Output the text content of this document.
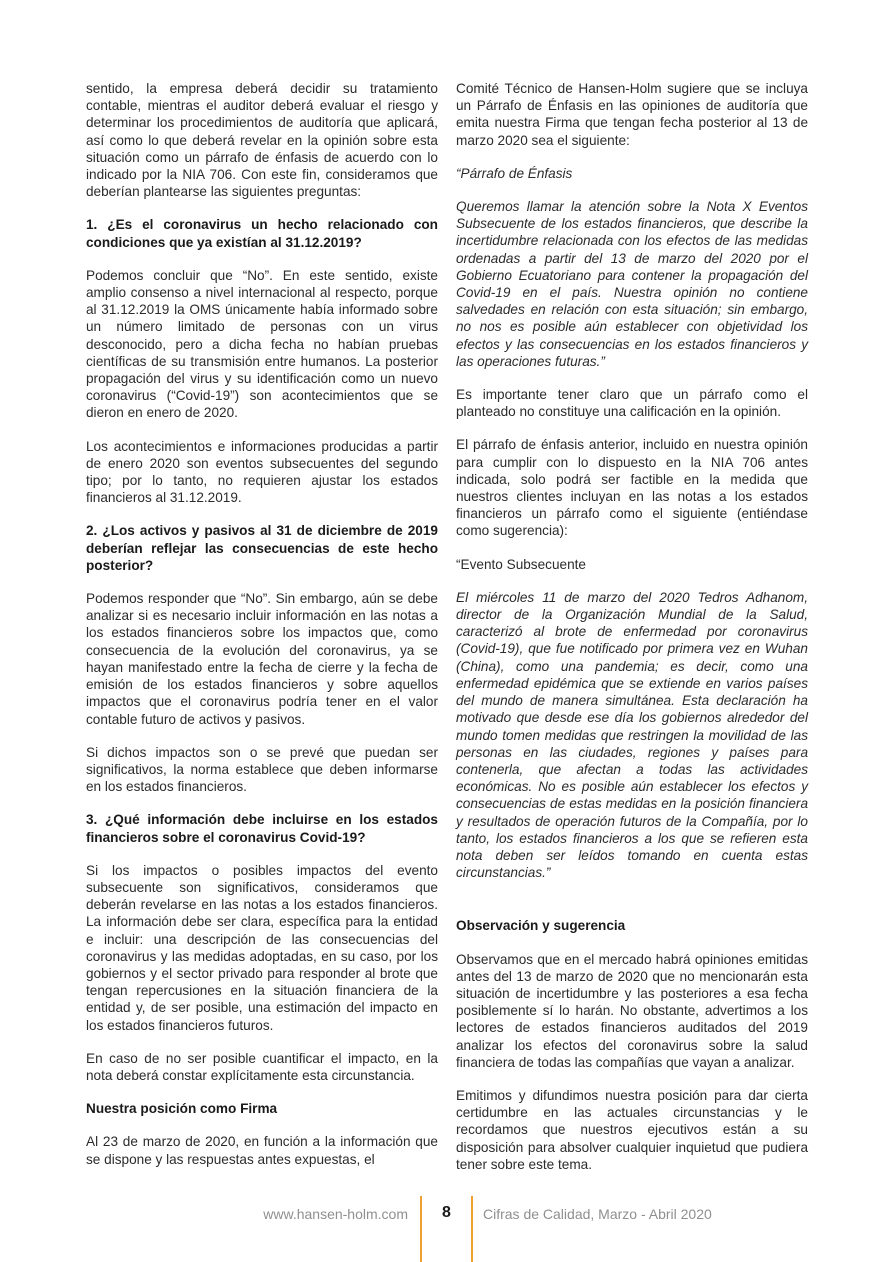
sentido, la empresa deberá decidir su tratamiento contable, mientras el auditor deberá evaluar el riesgo y determinar los procedimientos de auditoría que aplicará, así como lo que deberá revelar en la opinión sobre esta situación como un párrafo de énfasis de acuerdo con lo indicado por la NIA 706. Con este fin, consideramos que deberían plantearse las siguientes preguntas:

1. ¿Es el coronavirus un hecho relacionado con condiciones que ya existían al 31.12.2019?

Podemos concluir que “No”. En este sentido, existe amplio consenso a nivel internacional al respecto, porque al 31.12.2019 la OMS únicamente había informado sobre un número limitado de personas con un virus desconocido, pero a dicha fecha no habían pruebas científicas de su transmisión entre humanos. La posterior propagación del virus y su identificación como un nuevo coronavirus (“Covid-19”) son acontecimientos que se dieron en enero de 2020.

Los acontecimientos e informaciones producidas a partir de enero 2020 son eventos subsecuentes del segundo tipo; por lo tanto, no requieren ajustar los estados financieros al 31.12.2019.

2. ¿Los activos y pasivos al 31 de diciembre de 2019 deberían reflejar las consecuencias de este hecho posterior?

Podemos responder que “No”. Sin embargo, aún se debe analizar si es necesario incluir información en las notas a los estados financieros sobre los impactos que, como consecuencia de la evolución del coronavirus, ya se hayan manifestado entre la fecha de cierre y la fecha de emisión de los estados financieros y sobre aquellos impactos que el coronavirus podría tener en el valor contable futuro de activos y pasivos.

Si dichos impactos son o se prevé que puedan ser significativos, la norma establece que deben informarse en los estados financieros.

3. ¿Qué información debe incluirse en los estados financieros sobre el coronavirus Covid-19?

Si los impactos o posibles impactos del evento subsecuente son significativos, consideramos que deberán revelarse en las notas a los estados financieros. La información debe ser clara, específica para la entidad e incluir: una descripción de las consecuencias del coronavirus y las medidas adoptadas, en su caso, por los gobiernos y el sector privado para responder al brote que tengan repercusiones en la situación financiera de la entidad y, de ser posible, una estimación del impacto en los estados financieros futuros.

En caso de no ser posible cuantificar el impacto, en la nota deberá constar explícitamente esta circunstancia.

Nuestra posición como Firma

Al 23 de marzo de 2020, en función a la información que se dispone y las respuestas antes expuestas, el

Comité Técnico de Hansen-Holm sugiere que se incluya un Párrafo de Énfasis en las opiniones de auditoría que emita nuestra Firma que tengan fecha posterior al 13 de marzo 2020 sea el siguiente:

“Párrafo de Énfasis

Queremos llamar la atención sobre la Nota X Eventos Subsecuente de los estados financieros, que describe la incertidumbre relacionada con los efectos de las medidas ordenadas a partir del 13 de marzo del 2020 por el Gobierno Ecuatoriano para contener la propagación del Covid-19 en el país. Nuestra opinión no contiene salvedades en relación con esta situación; sin embargo, no nos es posible aún establecer con objetividad los efectos y las consecuencias en los estados financieros y las operaciones futuras.”

Es importante tener claro que un párrafo como el planteado no constituye una calificación en la opinión.

El párrafo de énfasis anterior, incluido en nuestra opinión para cumplir con lo dispuesto en la NIA 706 antes indicada, solo podrá ser factible en la medida que nuestros clientes incluyan en las notas a los estados financieros un párrafo como el siguiente (entiéndase como sugerencia):

“Evento Subsecuente

El miércoles 11 de marzo del 2020 Tedros Adhanom, director de la Organización Mundial de la Salud, caracterizó al brote de enfermedad por coronavirus (Covid-19), que fue notificado por primera vez en Wuhan (China), como una pandemia; es decir, como una enfermedad epidémica que se extiende en varios países del mundo de manera simultánea. Esta declaración ha motivado que desde ese día los gobiernos alrededor del mundo tomen medidas que restringen la movilidad de las personas en las ciudades, regiones y países para contenerla, que afectan a todas las actividades económicas. No es posible aún establecer los efectos y consecuencias de estas medidas en la posición financiera y resultados de operación futuros de la Compañía, por lo tanto, los estados financieros a los que se refieren esta nota deben ser leídos tomando en cuenta estas circunstancias.”

Observación y sugerencia

Observamos que en el mercado habrá opiniones emitidas antes del 13 de marzo de 2020 que no mencionarán esta situación de incertidumbre y las posteriores a esa fecha posiblemente sí lo harán. No obstante, advertimos a los lectores de estados financieros auditados del 2019 analizar los efectos del coronavirus sobre la salud financiera de todas las compañías que vayan a analizar.

Emitimos y difundimos nuestra posición para dar cierta certidumbre en las actuales circunstancias y le recordamos que nuestros ejecutivos están a su disposición para absolver cualquier inquietud que pudiera tener sobre este tema.

www.hansen-holm.com	8	Cifras de Calidad, Marzo - Abril 2020
